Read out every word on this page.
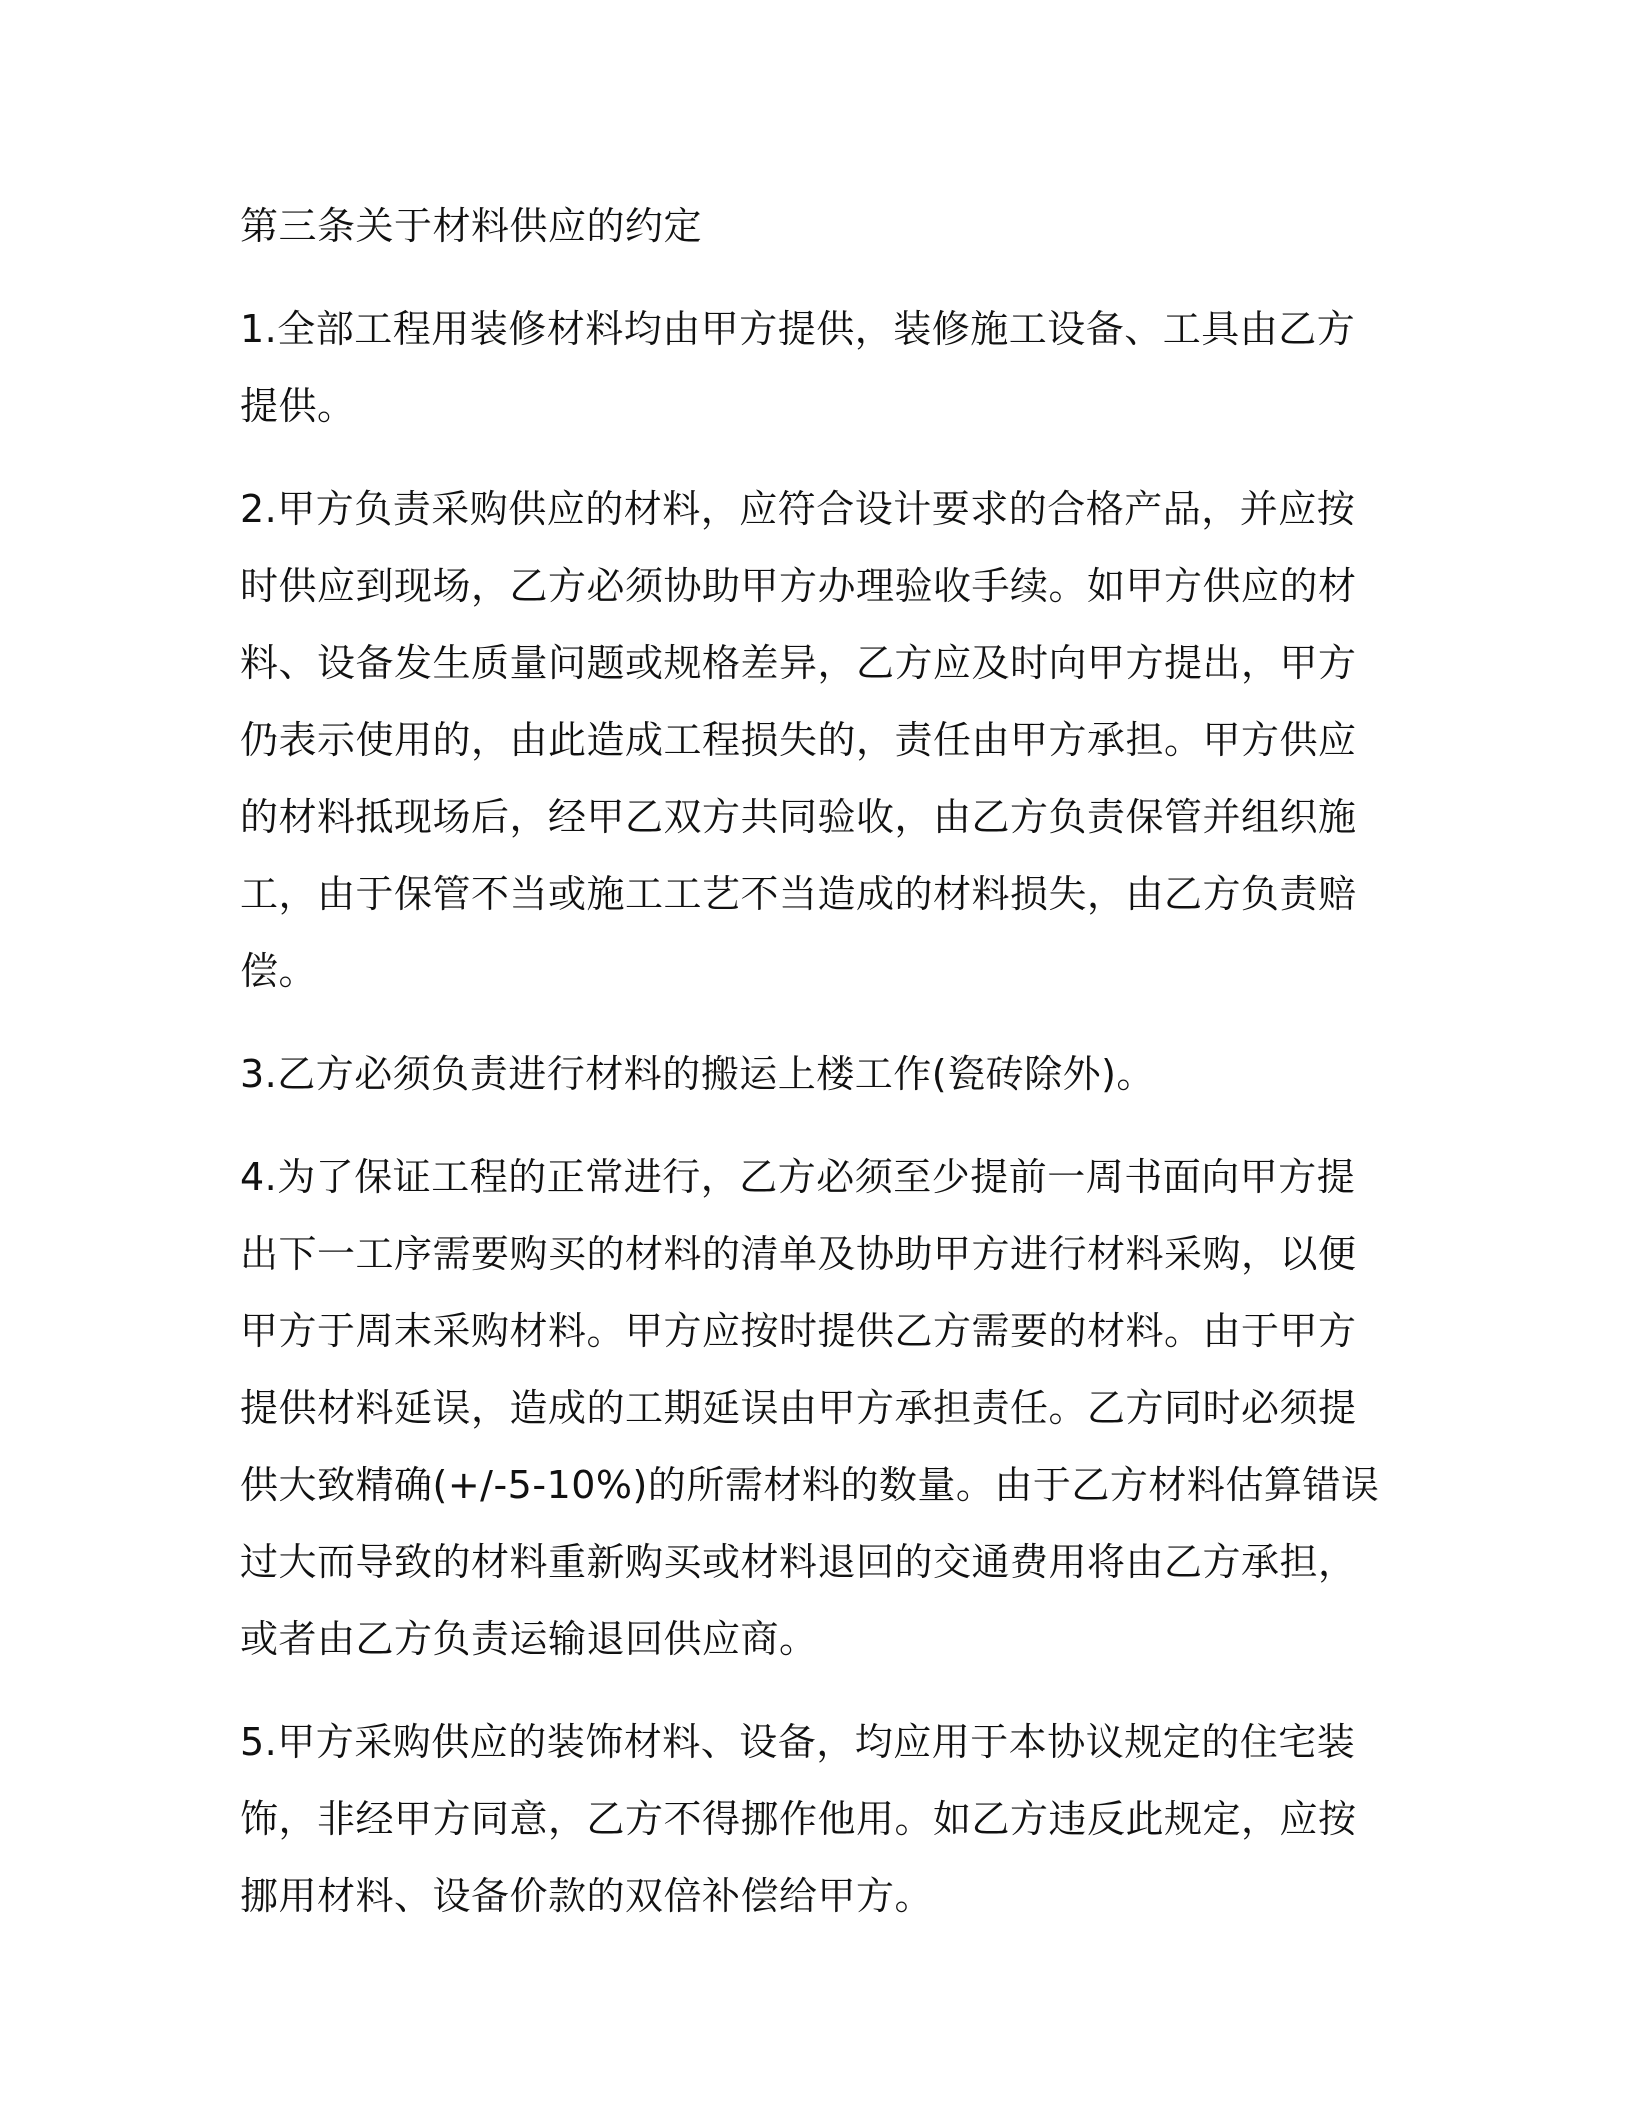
第三条关于材料供应的约定

1.全部工程用装修材料均由甲方提供，装修施工设备、工具由乙方提供。

2.甲方负责采购供应的材料，应符合设计要求的合格产品，并应按时供应到现场，乙方必须协助甲方办理验收手续。如甲方供应的材料、设备发生质量问题或规格差异，乙方应及时向甲方提出，甲方仍表示使用的，由此造成工程损失的，责任由甲方承担。甲方供应的材料抵现场后，经甲乙双方共同验收，由乙方负责保管并组织施工，由于保管不当或施工工艺不当造成的材料损失，由乙方负责赔偿。

3.乙方必须负责进行材料的搬运上楼工作(瓷砖除外)。

4.为了保证工程的正常进行，乙方必须至少提前一周书面向甲方提出下一工序需要购买的材料的清单及协助甲方进行材料采购，以便甲方于周末采购材料。甲方应按时提供乙方需要的材料。由于甲方提供材料延误，造成的工期延误由甲方承担责任。乙方同时必须提供大致精确(+/-5-10%)的所需材料的数量。由于乙方材料估算错误过大而导致的材料重新购买或材料退回的交通费用将由乙方承担，或者由乙方负责运输退回供应商。

5.甲方采购供应的装饰材料、设备，均应用于本协议规定的住宅装饰，非经甲方同意，乙方不得挪作他用。如乙方违反此规定，应按挪用材料、设备价款的双倍补偿给甲方。
